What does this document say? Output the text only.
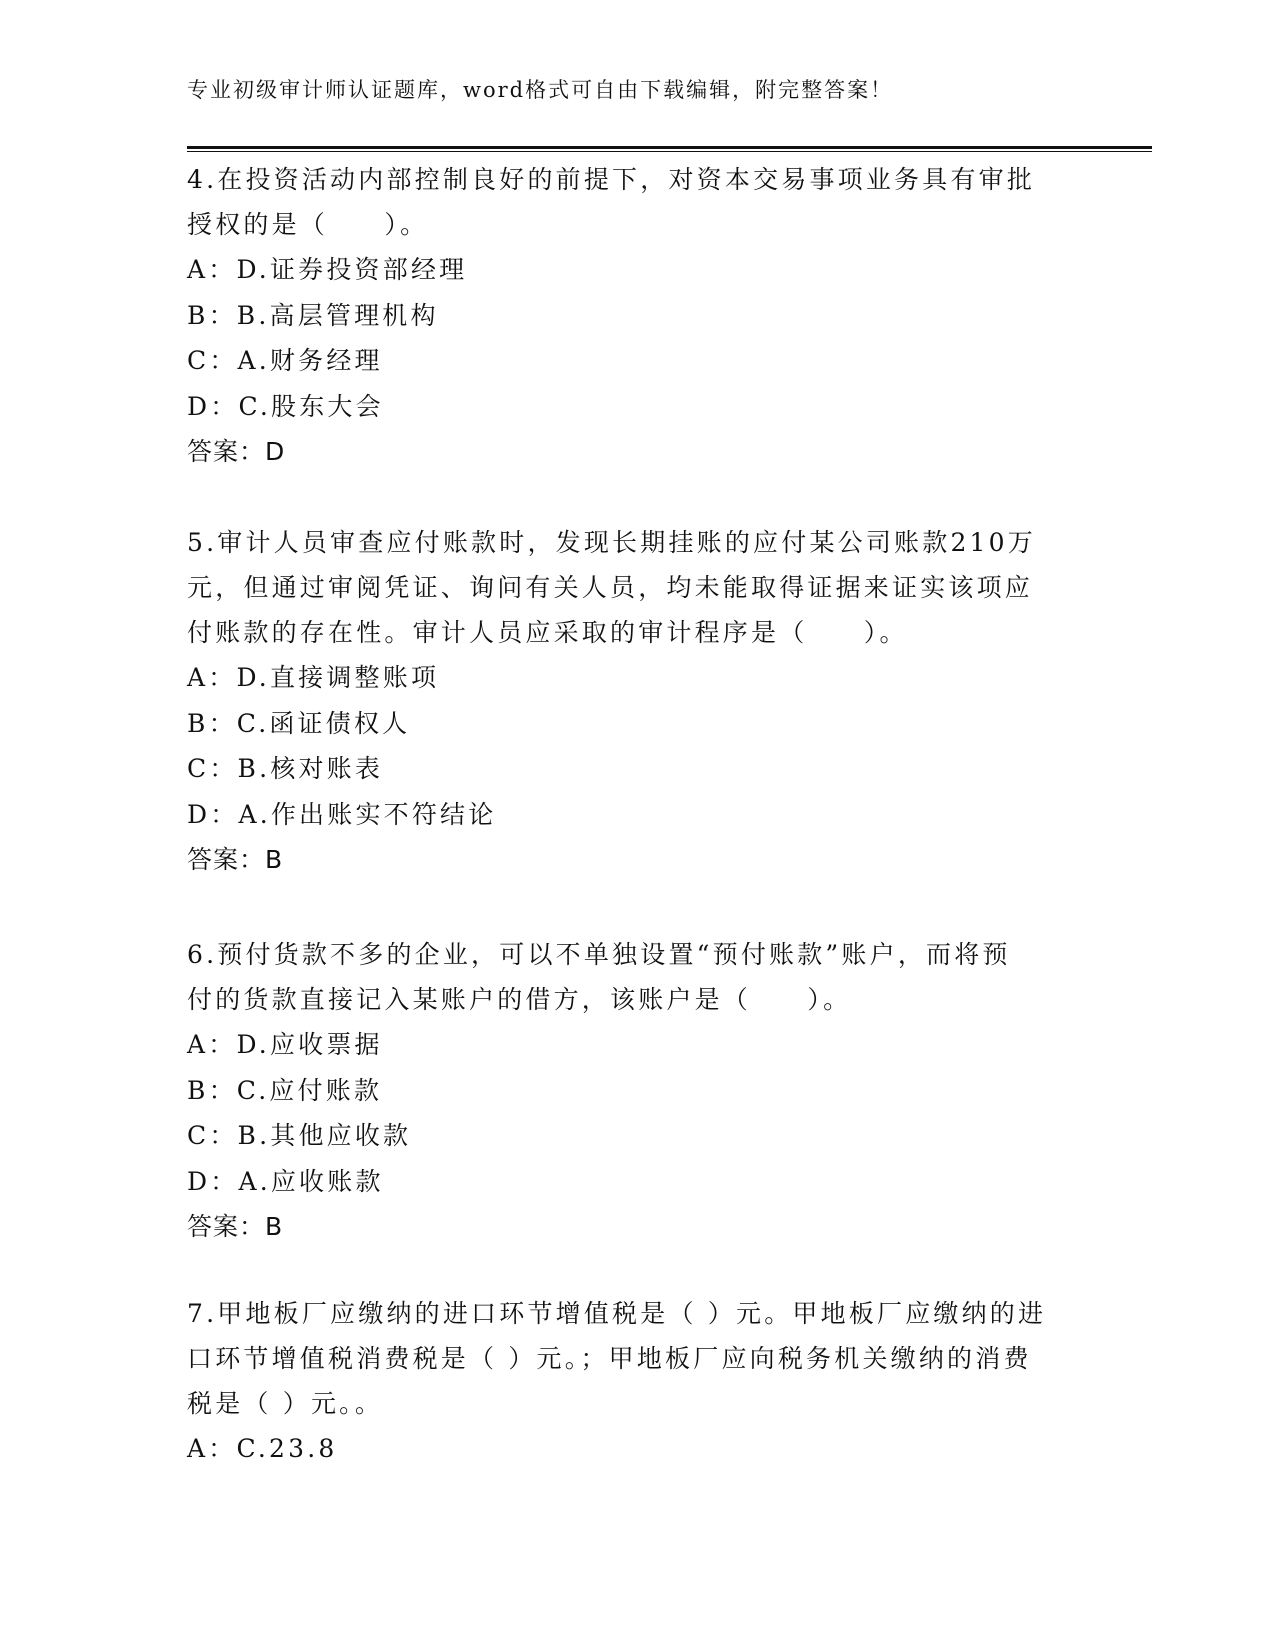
专业初级审计师认证题库，word格式可自由下载编辑，附完整答案！
4.在投资活动内部控制良好的前提下，对资本交易事项业务具有审批
授权的是（　　）。
A：D.证券投资部经理
B：B.高层管理机构
C：A.财务经理
D：C.股东大会
答案：D
5.审计人员审查应付账款时，发现长期挂账的应付某公司账款210万
元，但通过审阅凭证、询问有关人员，均未能取得证据来证实该项应
付账款的存在性。审计人员应采取的审计程序是（　　）。
A：D.直接调整账项
B：C.函证债权人
C：B.核对账表
D：A.作出账实不符结论
答案：B
6.预付货款不多的企业，可以不单独设置“预付账款”账户，而将预
付的货款直接记入某账户的借方，该账户是（　　）。
A：D.应收票据
B：C.应付账款
C：B.其他应收款
D：A.应收账款
答案：B
7.甲地板厂应缴纳的进口环节增值税是（ ）元。甲地板厂应缴纳的进
口环节增值税消费税是（ ）元。；甲地板厂应向税务机关缴纳的消费
税是（ ）元。。
A：C.23.8
